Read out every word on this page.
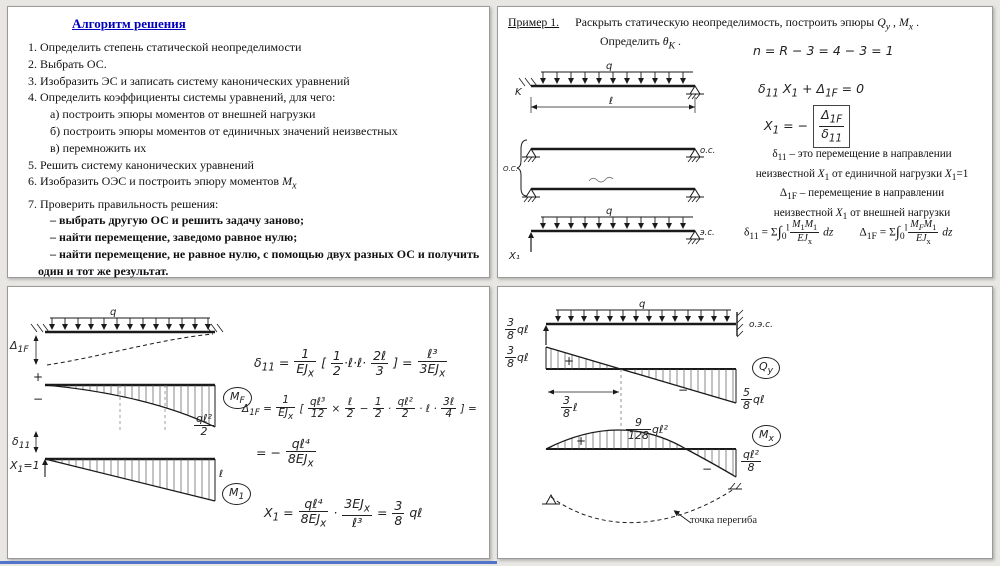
Алгоритм решения
1. Определить степень статической неопределимости
2. Выбрать ОС.
3. Изобразить ЭС и записать систему канонических уравнений
4. Определить коэффициенты системы уравнений, для чего:
а) построить эпюры моментов от внешней нагрузки
б) построить эпюры моментов от единичных значений неизвестных
в) перемножить их
5. Решить систему канонических уравнений
6. Изобразить ОЭС и построить эпюру моментов $M_x$
7. Проверить правильность решения:
– выбрать другую ОС и решить задачу заново;
– найти перемещение, заведомо равное нулю;
– найти перемещение, не равное нулю, с помощью двух разных ОС и получить один и тот же результат.
Пример 1. Раскрыть статическую неопределимость, построить эпюры $Q_y$ , $M_x$ .
Определить $\theta_K$ .
q
K
ℓ
о.с.
О.С.
q
X₁
э.с.
n = R − 3 = 4 − 3 = 1
$\delta_{11}$ $X_1 + \Delta_{1F} = 0$
$X_1$ = − $\frac{\Delta_{1F}}{\delta_{11}}$
$\delta_{11}$ – это перемещение в направлении
неизвестной $X_1$ от единичной нагрузки $X_1=1$
$\Delta_{1F}$ – перемещение в направлении
неизвестной $X_1$ от внешней нагрузки
$\delta_{11} = \Sigma\int_0^l$ $M_1M_1$
$EJ_x$
dz $\Delta_{1F} = \Sigma\int_0^l$ $M_FM_1$
$EJ_x$
dz
q
+
−
ℓ
$\Delta_{1F}$
qℓ²
2
$M_F$
$\delta_{11}$
$X_1=1$
$M_1$
$\delta_{11}$ =
1
$EJ_x$
[ $\frac{1}{2}$ ·ℓ·ℓ· 2ℓ
3
] =
ℓ³
$3EJ_x$
$\Delta_{1F}$ =
1
$EJ_x$
[
qℓ³
12 ×
ℓ
$2 - \frac{1}{2}$ ·
qℓ²
2 · ℓ ·
3ℓ
4 ] =
= −
qℓ⁴
$8EJ_x$
$X_1$ =
qℓ⁴
$8EJ_x$
·
$3EJ_x$
ℓ³
= $\frac{3}{8}$ qℓ
q
о.э.с.
+
−
+
−
$\frac{3}{8}$ qℓ
$\frac{3}{8}$ qℓ
$Q_y$
$\frac{5}{8}$ qℓ
$\frac{3}{8}$ ℓ
$\frac{9}{128}$ qℓ²	$M_x$
qℓ²
8
точка перегиба
